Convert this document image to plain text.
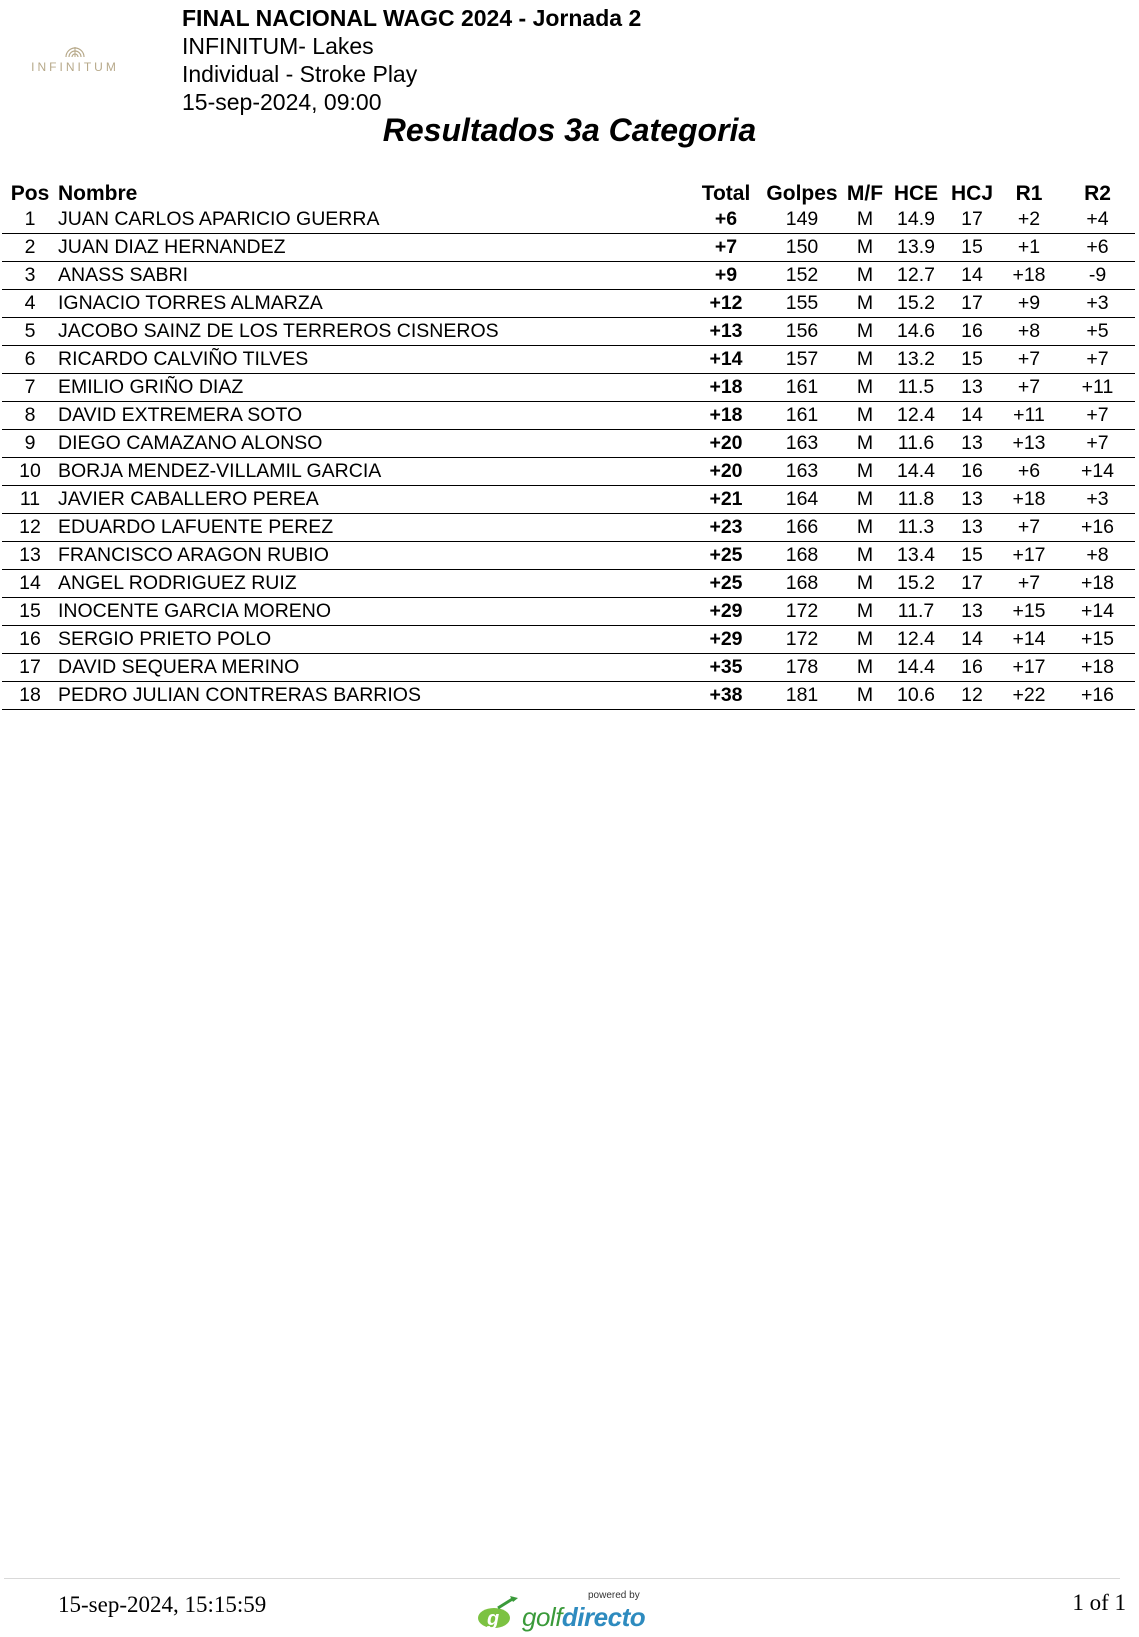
INFINITUM
FINAL NACIONAL WAGC 2024 - Jornada 2
INFINITUM- Lakes
Individual - Stroke Play
15-sep-2024, 09:00
Resultados 3a Categoria
Pos	Nombre	Total	Golpes	M/F	HCE	HCJ	R1	R2
1	JUAN CARLOS APARICIO GUERRA	+6	149	M	14.9	17	+2	+4
2	JUAN DIAZ HERNANDEZ	+7	150	M	13.9	15	+1	+6
3	ANASS SABRI	+9	152	M	12.7	14	+18	-9
4	IGNACIO TORRES ALMARZA	+12	155	M	15.2	17	+9	+3
5	JACOBO SAINZ DE LOS TERREROS CISNEROS	+13	156	M	14.6	16	+8	+5
6	RICARDO CALVIÑO TILVES	+14	157	M	13.2	15	+7	+7
7	EMILIO GRIÑO DIAZ	+18	161	M	11.5	13	+7	+11
8	DAVID EXTREMERA SOTO	+18	161	M	12.4	14	+11	+7
9	DIEGO CAMAZANO ALONSO	+20	163	M	11.6	13	+13	+7
10	BORJA MENDEZ-VILLAMIL GARCIA	+20	163	M	14.4	16	+6	+14
11	JAVIER CABALLERO PEREA	+21	164	M	11.8	13	+18	+3
12	EDUARDO LAFUENTE PEREZ	+23	166	M	11.3	13	+7	+16
13	FRANCISCO ARAGON RUBIO	+25	168	M	13.4	15	+17	+8
14	ANGEL RODRIGUEZ RUIZ	+25	168	M	15.2	17	+7	+18
15	INOCENTE GARCIA MORENO	+29	172	M	11.7	13	+15	+14
16	SERGIO PRIETO POLO	+29	172	M	12.4	14	+14	+15
17	DAVID SEQUERA MERINO	+35	178	M	14.4	16	+17	+18
18	PEDRO JULIAN CONTRERAS BARRIOS	+38	181	M	10.6	12	+22	+16
15-sep-2024, 15:15:59
g
powered by
golfdirecto	1 of 1
